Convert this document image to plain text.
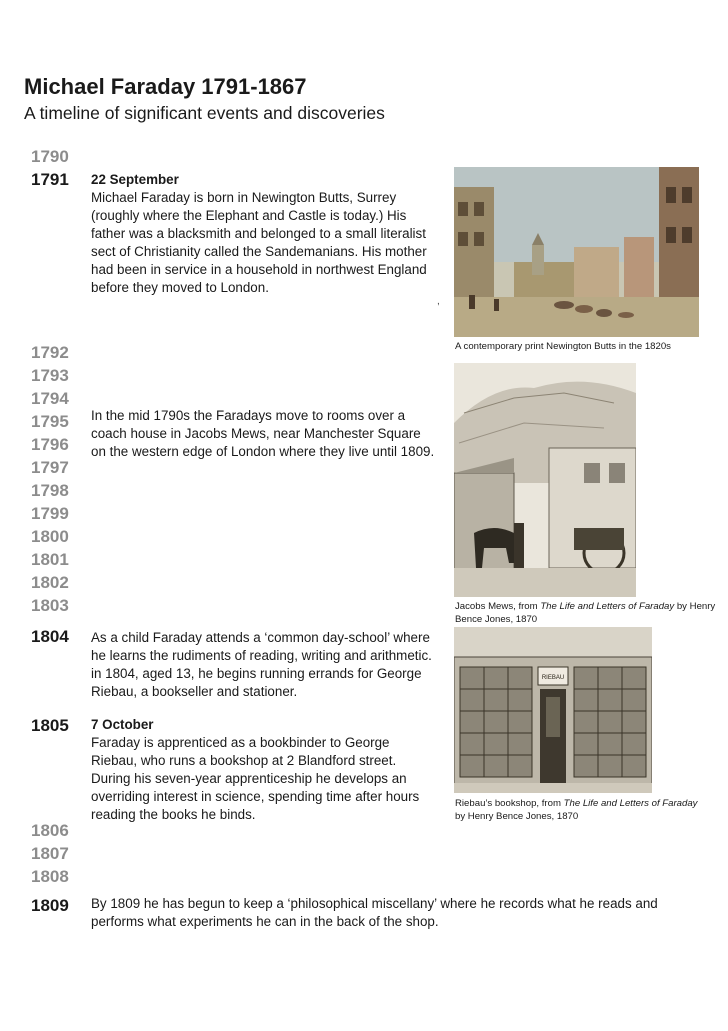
Michael Faraday 1791-1867
A timeline of significant events and discoveries
1790
1791
1792
1793
1794
1795
1796
1797
1798
1799
1800
1801
1802
1803
1804
1805
1806
1807
1808
1809
22 September
Michael Faraday is born in Newington Butts, Surrey (roughly where the Elephant and Castle is today.) His father was a blacksmith and belonged to a small literalist sect of Christianity called the Sandemanians. His mother had been in service in a household in northwest England before they moved to London.
,
In the mid 1790s the Faradays move to rooms over a coach house in Jacobs Mews, near Manchester Square on the western edge of London where they live until 1809.
As a child Faraday attends a ‘common day-school’ where he learns the rudiments of reading, writing and arithmetic. in 1804, aged 13, he begins running errands for George Riebau, a bookseller and stationer.
7 October
Faraday is apprenticed as a bookbinder to George Riebau, who runs a bookshop at 2 Blandford street. During his seven-year apprenticeship he develops an overriding interest in science, spending time after hours reading the books he binds.
By 1809 he has begun to keep a ‘philosophical miscellany’ where he records what he reads and performs what experiments he can in the back of the shop.
A contemporary print Newington Butts in the 1820s
Jacobs Mews, from The Life and Letters of Faraday by Henry Bence Jones, 1870
RIEBAU
Riebau’s bookshop, from The Life and Letters of Faraday by Henry Bence Jones, 1870
